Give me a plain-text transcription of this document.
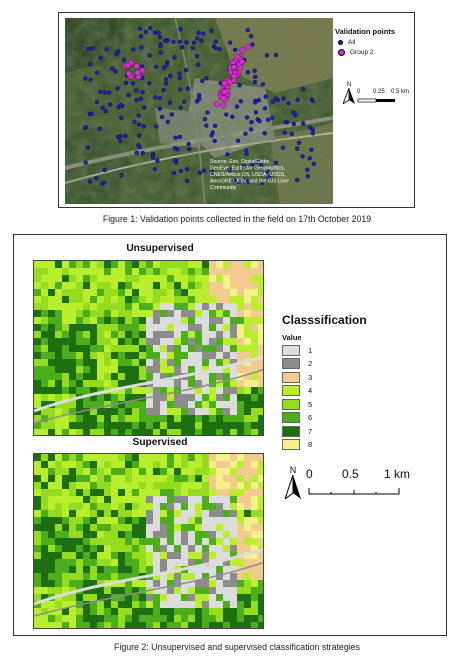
Source: Esri, DigitalGlobe, GeoEye, Earthstar Geographics, CNES/Airbus DS, USDA, USGS, AeroGRID, IGN, and the GIS User Community
Validation points
All
Group 2
N
0 0.25 0.5 km
Figure 1: Validation points collected in the field on 17th October 2019
Unsupervised
Supervised
Classsification
Value
1
2
3
4
5
6
7
8
N 0 0.5 1 km
Figure 2: Unsupervised and supervised classification strategies
